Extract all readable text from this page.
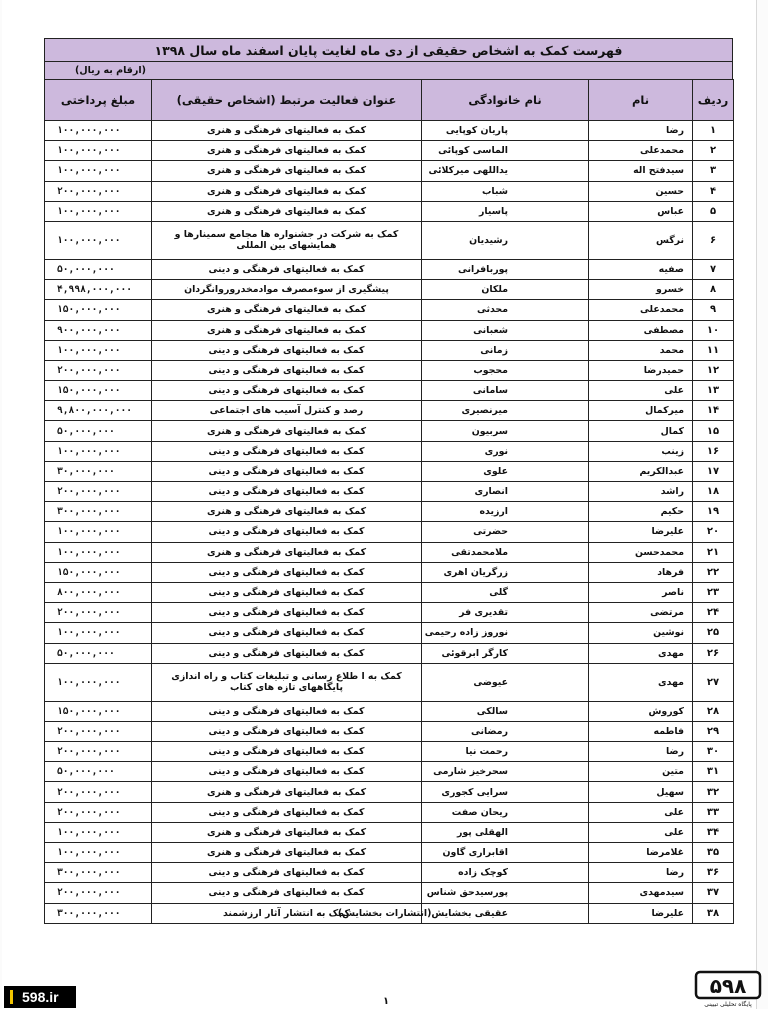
فهرست کمک به اشخاص حقیقی از دی ماه لغایت پایان اسفند ماه سال ۱۳۹۸
(ارقام به ریال)
ردیف	نام	نام خانوادگی	عنوان فعالیت مرتبط (اشخاص حقیقی)	مبلغ پرداختی
۱	رضا	پاریان کوپایی	کمک به فعالیتهای فرهنگی و هنری	۱۰۰,۰۰۰,۰۰۰
۲	محمدعلی	الماسی کوپائی	کمک به فعالیتهای فرهنگی و هنری	۱۰۰,۰۰۰,۰۰۰
۳	سیدفتح اله	یداللهی میرکلائی	کمک به فعالیتهای فرهنگی و هنری	۱۰۰,۰۰۰,۰۰۰
۴	حسین	شباب	کمک به فعالیتهای فرهنگی و هنری	۲۰۰,۰۰۰,۰۰۰
۵	عباس	پاسیار	کمک به فعالیتهای فرهنگی و هنری	۱۰۰,۰۰۰,۰۰۰
۶	نرگس	رشیدیان	کمک به شرکت در جشنواره ها مجامع سمینارها و همایشهای بین المللی	۱۰۰,۰۰۰,۰۰۰
۷	صفیه	پوربافرانی	کمک به فعالیتهای فرهنگی و دینی	۵۰,۰۰۰,۰۰۰
۸	خسرو	ملکان	پیشگیری از سوءمصرف موادمخدروروانگردان	۴,۹۹۸,۰۰۰,۰۰۰
۹	محمدعلی	محدثی	کمک به فعالیتهای فرهنگی و هنری	۱۵۰,۰۰۰,۰۰۰
۱۰	مصطفی	شعبانی	کمک به فعالیتهای فرهنگی و هنری	۹۰۰,۰۰۰,۰۰۰
۱۱	محمد	زمانی	کمک به فعالیتهای فرهنگی و دینی	۱۰۰,۰۰۰,۰۰۰
۱۲	حمیدرضا	محجوب	کمک به فعالیتهای فرهنگی و دینی	۲۰۰,۰۰۰,۰۰۰
۱۳	علی	سامانی	کمک به فعالیتهای فرهنگی و دینی	۱۵۰,۰۰۰,۰۰۰
۱۴	میرکمال	میرنصیری	رصد و کنترل آسیب های اجتماعی	۹,۸۰۰,۰۰۰,۰۰۰
۱۵	کمال	سربیون	کمک به فعالیتهای فرهنگی و هنری	۵۰,۰۰۰,۰۰۰
۱۶	زینب	نوری	کمک به فعالیتهای فرهنگی و دینی	۱۰۰,۰۰۰,۰۰۰
۱۷	عبدالکریم	علوی	کمک به فعالیتهای فرهنگی و دینی	۳۰,۰۰۰,۰۰۰
۱۸	راشد	انصاری	کمک به فعالیتهای فرهنگی و دینی	۲۰۰,۰۰۰,۰۰۰
۱۹	حکیم	ارزیده	کمک به فعالیتهای فرهنگی و هنری	۳۰۰,۰۰۰,۰۰۰
۲۰	علیرضا	حضرتی	کمک به فعالیتهای فرهنگی و دینی	۱۰۰,۰۰۰,۰۰۰
۲۱	محمدحسن	ملامحمدتقی	کمک به فعالیتهای فرهنگی و هنری	۱۰۰,۰۰۰,۰۰۰
۲۲	فرهاد	زرگریان اهری	کمک به فعالیتهای فرهنگی و دینی	۱۵۰,۰۰۰,۰۰۰
۲۳	ناصر	گلی	کمک به فعالیتهای فرهنگی و دینی	۸۰۰,۰۰۰,۰۰۰
۲۴	مرتضی	تقدیری فر	کمک به فعالیتهای فرهنگی و دینی	۲۰۰,۰۰۰,۰۰۰
۲۵	نوشین	نوروز زاده رحیمی	کمک به فعالیتهای فرهنگی و دینی	۱۰۰,۰۰۰,۰۰۰
۲۶	مهدی	کارگر ابرقوئی	کمک به فعالیتهای فرهنگی و دینی	۵۰,۰۰۰,۰۰۰
۲۷	مهدی	عیوضی	کمک به ا طلاع رسانی و تبلیغات کتاب و راه اندازی پایگاههای تازه های کتاب	۱۰۰,۰۰۰,۰۰۰
۲۸	کوروش	سالکی	کمک به فعالیتهای فرهنگی و دینی	۱۵۰,۰۰۰,۰۰۰
۲۹	فاطمه	رمضانی	کمک به فعالیتهای فرهنگی و دینی	۲۰۰,۰۰۰,۰۰۰
۳۰	رضا	رحمت نیا	کمک به فعالیتهای فرهنگی و دینی	۲۰۰,۰۰۰,۰۰۰
۳۱	متین	سحرخیز شارمی	کمک به فعالیتهای فرهنگی و دینی	۵۰,۰۰۰,۰۰۰
۳۲	سهیل	سرایی کجوری	کمک به فعالیتهای فرهنگی و هنری	۲۰۰,۰۰۰,۰۰۰
۳۳	علی	ریحان صفت	کمک به فعالیتهای فرهنگی و دینی	۲۰۰,۰۰۰,۰۰۰
۳۴	علی	الهقلی پور	کمک به فعالیتهای فرهنگی و هنری	۱۰۰,۰۰۰,۰۰۰
۳۵	غلامرضا	اقابراری گاون	کمک به فعالیتهای فرهنگی و هنری	۱۰۰,۰۰۰,۰۰۰
۳۶	رضا	کوچک زاده	کمک به فعالیتهای فرهنگی و دینی	۳۰۰,۰۰۰,۰۰۰
۳۷	سیدمهدی	پورسیدحق شناس	کمک به فعالیتهای فرهنگی و دینی	۲۰۰,۰۰۰,۰۰۰
۳۸	علیرضا	عقیقی بخشایش(انتشارات بخشایش)	کمک به انتشار آثار ارزشمند	۳۰۰,۰۰۰,۰۰۰
۱
598.ir	۵۹۸
پایگاه تحلیلی تبیینی
